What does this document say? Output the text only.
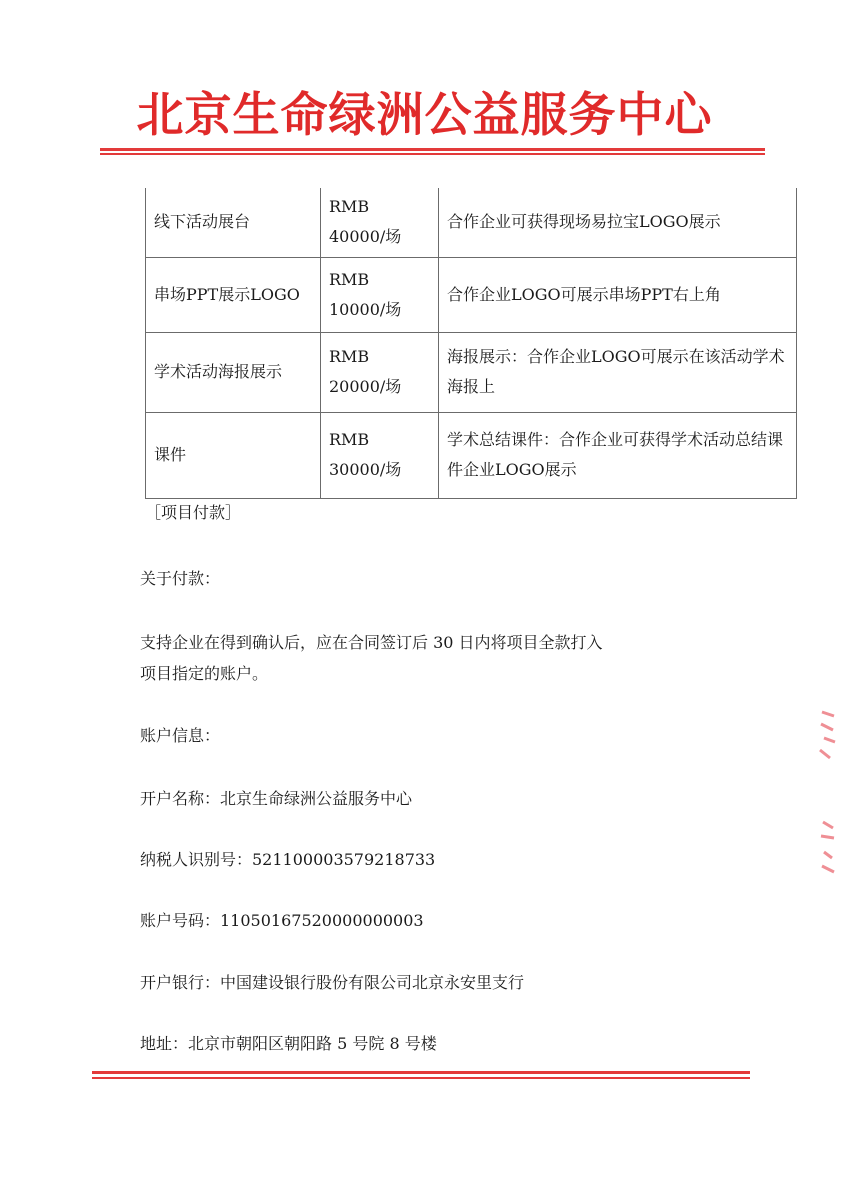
北京生命绿洲公益服务中心
线下活动展台	RMB 40000/场	合作企业可获得现场易拉宝LOGO展示
串场PPT展示LOGO	RMB 10000/场	合作企业LOGO可展示串场PPT右上角
学术活动海报展示	RMB 20000/场	海报展示：合作企业LOGO可展示在该活动学术海报上
课件	RMB 30000/场	学术总结课件：合作企业可获得学术活动总结课件企业LOGO展示
［项目付款］
关于付款：
支持企业在得到确认后，应在合同签订后 30 日内将项目全款打入
项目指定的账户。
账户信息：
开户名称：北京生命绿洲公益服务中心
纳税人识别号：521100003579218733
账户号码：11050167520000000003
开户银行：中国建设银行股份有限公司北京永安里支行
地址：北京市朝阳区朝阳路 5 号院 8 号楼
